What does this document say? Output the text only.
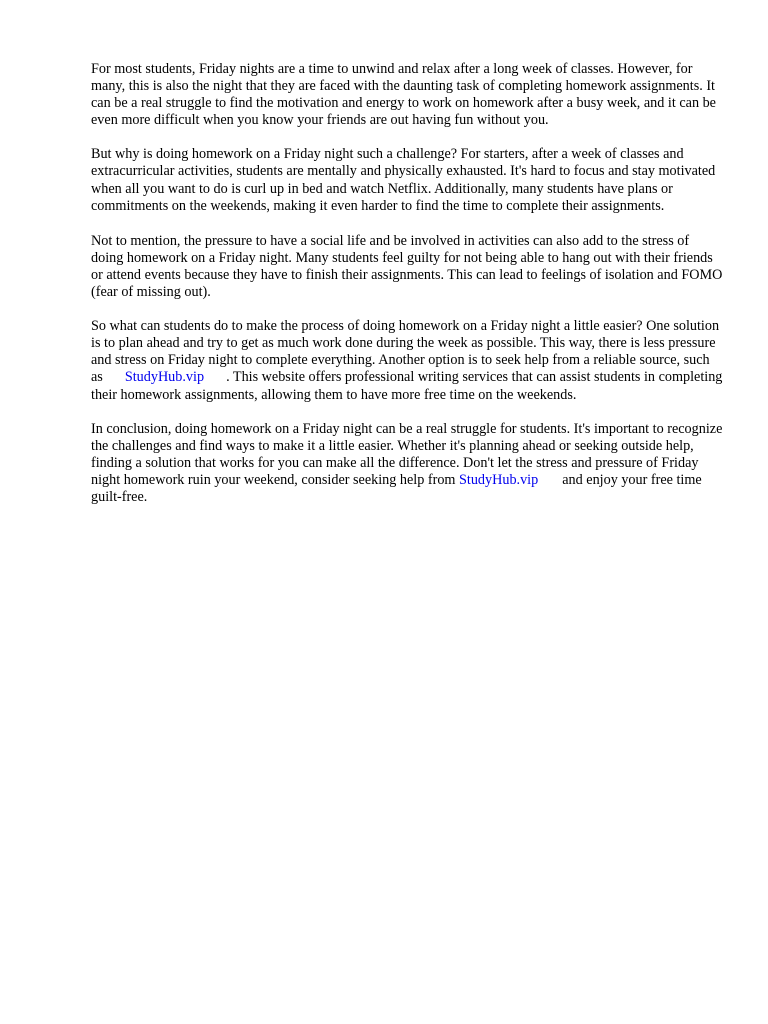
For most students, Friday nights are a time to unwind and relax after a long week of classes. However, for many, this is also the night that they are faced with the daunting task of completing homework assignments. It can be a real struggle to find the motivation and energy to work on homework after a busy week, and it can be even more difficult when you know your friends are out having fun without you.

But why is doing homework on a Friday night such a challenge? For starters, after a week of classes and extracurricular activities, students are mentally and physically exhausted. It's hard to focus and stay motivated when all you want to do is curl up in bed and watch Netflix. Additionally, many students have plans or commitments on the weekends, making it even harder to find the time to complete their assignments.

Not to mention, the pressure to have a social life and be involved in activities can also add to the stress of doing homework on a Friday night. Many students feel guilty for not being able to hang out with their friends or attend events because they have to finish their assignments. This can lead to feelings of isolation and FOMO (fear of missing out).

So what can students do to make the process of doing homework on a Friday night a little easier? One solution is to plan ahead and try to get as much work done during the week as possible. This way, there is less pressure and stress on Friday night to complete everything. Another option is to seek help from a reliable source, such as StudyHub.vip . This website offers professional writing services that can assist students in completing their homework assignments, allowing them to have more free time on the weekends.

In conclusion, doing homework on a Friday night can be a real struggle for students. It's important to recognize the challenges and find ways to make it a little easier. Whether it's planning ahead or seeking outside help, finding a solution that works for you can make all the difference. Don't let the stress and pressure of Friday night homework ruin your weekend, consider seeking help from StudyHub.vip and enjoy your free time guilt-free.
